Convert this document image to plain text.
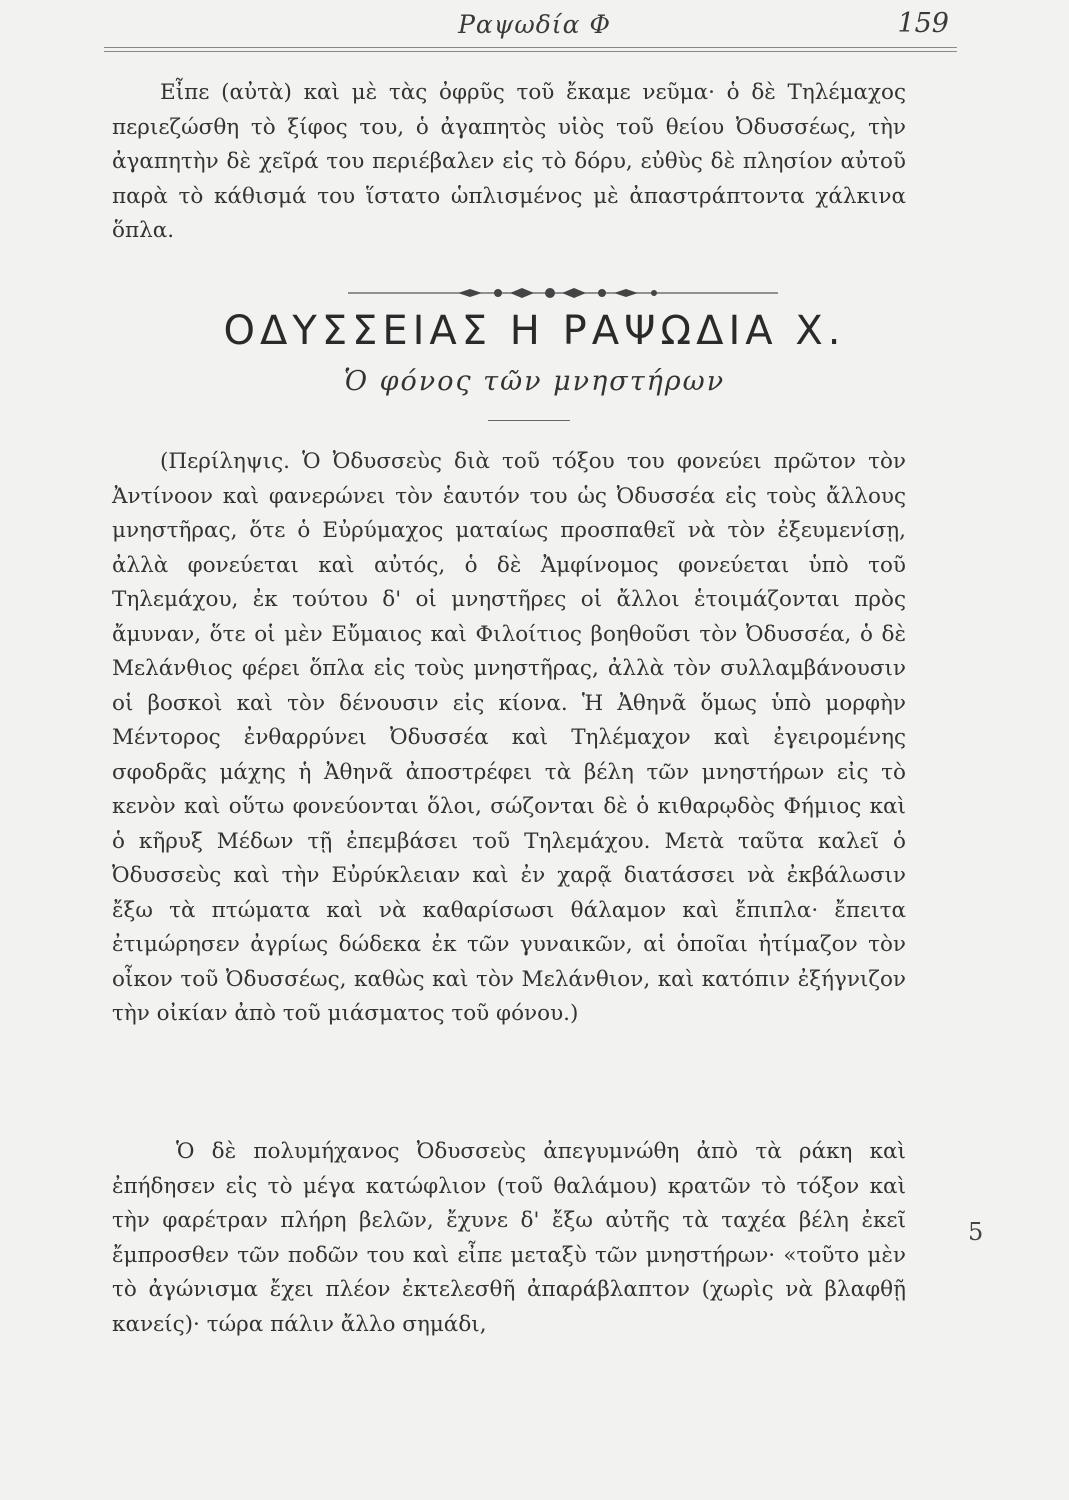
Ραψωδία Φ	159

Εἶπε (αὐτὰ) καὶ μὲ τὰς ὀφρῦς τοῦ ἔκαμε νεῦμα· ὁ δὲ Τηλέμαχος περιεζώσθη τὸ ξίφος του, ὁ ἀγαπητὸς υἱὸς τοῦ θείου Ὀδυσσέως, τὴν ἀγαπητὴν δὲ χεῖρά του περιέβαλεν εἰς τὸ δόρυ, εὐθὺς δὲ πλησίον αὐτοῦ παρὰ τὸ κάθισμά του ἵστατο ὡπλισμένος μὲ ἀπαστράπτοντα χάλκινα ὅπλα.

ΟΔΥΣΣΕΙΑΣ Η ΡΑΨΩΔΙΑ Χ.
Ὁ φόνος τῶν μνηστήρων

(Περίληψις. Ὁ Ὀδυσσεὺς διὰ τοῦ τόξου του φονεύει πρῶτον τὸν Ἀντίνοον καὶ φανερώνει τὸν ἑαυτόν του ὡς Ὀδυσσέα εἰς τοὺς ἄλλους μνηστῆρας, ὅτε ὁ Εὐρύμαχος ματαίως προσπαθεῖ νὰ τὸν ἐξευμενίσῃ, ἀλλὰ φονεύεται καὶ αὐτός, ὁ δὲ Ἀμφίνομος φονεύεται ὑπὸ τοῦ Τηλεμάχου, ἐκ τούτου δ' οἱ μνηστῆρες οἱ ἄλλοι ἑτοιμάζονται πρὸς ἄμυναν, ὅτε οἱ μὲν Εὔμαιος καὶ Φιλοίτιος βοηθοῦσι τὸν Ὀδυσσέα, ὁ δὲ Μελάνθιος φέρει ὅπλα εἰς τοὺς μνηστῆρας, ἀλλὰ τὸν συλλαμβάνουσιν οἱ βοσκοὶ καὶ τὸν δένουσιν εἰς κίονα. Ἡ Ἀθηνᾶ ὅμως ὑπὸ μορφὴν Μέντορος ἐνθαρρύνει Ὀδυσσέα καὶ Τηλέμαχον καὶ ἐγειρομένης σφοδρᾶς μάχης ἡ Ἀθηνᾶ ἀποστρέφει τὰ βέλη τῶν μνηστήρων εἰς τὸ κενὸν καὶ οὕτω φονεύονται ὅλοι, σώζονται δὲ ὁ κιθαρῳδὸς Φήμιος καὶ ὁ κῆρυξ Μέδων τῇ ἐπεμβάσει τοῦ Τηλεμάχου. Μετὰ ταῦτα καλεῖ ὁ Ὀδυσσεὺς καὶ τὴν Εὐρύκλειαν καὶ ἐν χαρᾷ διατάσσει νὰ ἐκβάλωσιν ἔξω τὰ πτώματα καὶ νὰ καθαρίσωσι θάλαμον καὶ ἔπιπλα· ἔπειτα ἐτιμώρησεν ἀγρίως δώδεκα ἐκ τῶν γυναικῶν, αἱ ὁποῖαι ἠτίμαζον τὸν οἶκον τοῦ Ὀδυσσέως, καθὼς καὶ τὸν Μελάνθιον, καὶ κατόπιν ἐξήγνιζον τὴν οἰκίαν ἀπὸ τοῦ μιάσματος τοῦ φόνου.)

Ὁ δὲ πολυμήχανος Ὀδυσσεὺς ἀπεγυμνώθη ἀπὸ τὰ ράκη καὶ ἐπήδησεν εἰς τὸ μέγα κατώφλιον (τοῦ θαλάμου) κρατῶν τὸ τόξον καὶ τὴν φαρέτραν πλήρη βελῶν, ἔχυνε δ' ἔξω αὐτῆς τὰ ταχέα βέλη ἐκεῖ ἔμπροσθεν τῶν ποδῶν του καὶ εἶπε μεταξὺ τῶν μνηστήρων· «τοῦτο μὲν τὸ ἀγώνισμα ἔχει πλέον ἐκτελεσθῆ ἀπαράβλαπτον (χωρὶς νὰ βλαφθῇ κανείς)· τώρα πάλιν ἄλλο σημάδι,

5
